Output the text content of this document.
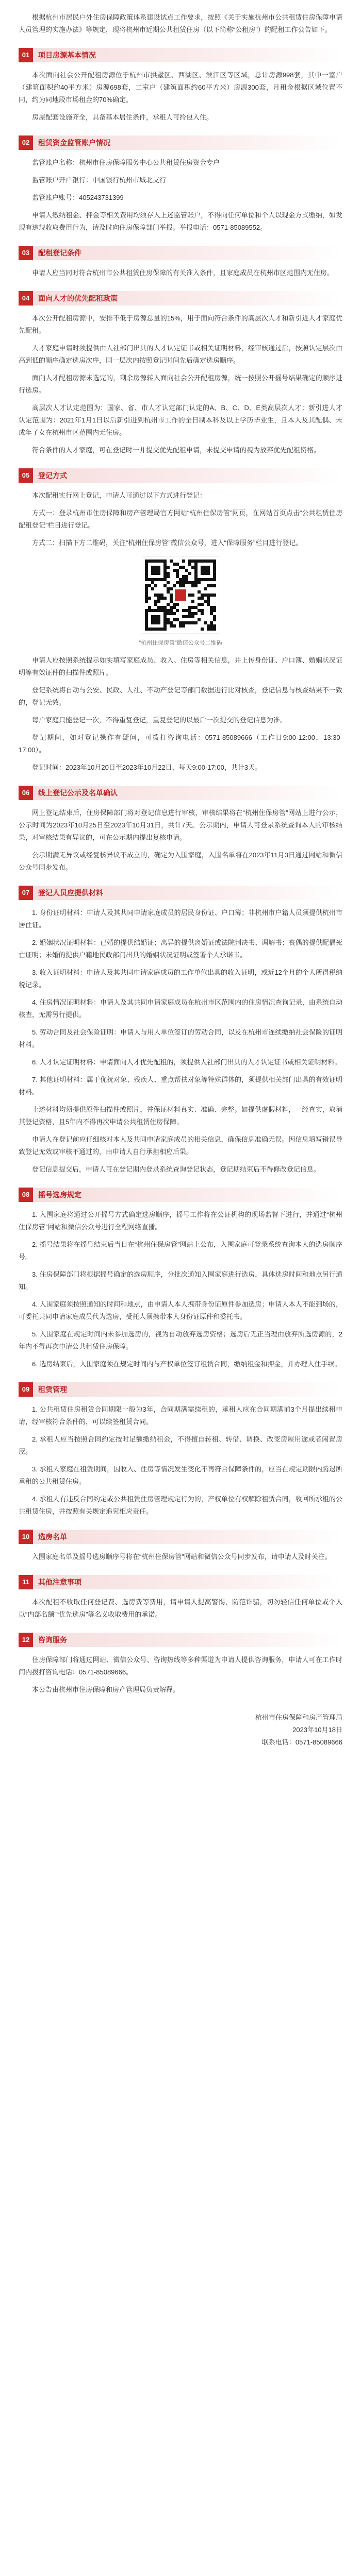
根据杭州市居民户外住房保障政策体系建设试点工作要求，按照《关于实施杭州市公共租赁住房保障申请人员管理的实施办法》等规定，现将杭州市近期公共租赁住房（以下简称“公租房”）的配租工作公告如下。

01	项目房源基本情况

本次面向社会公开配租房源位于杭州市拱墅区、西湖区、滨江区等区域，总计房源998套，其中一室户（建筑面积约40平方米）房源698套，二室户（建筑面积约60平方米）房源300套，月租金根据区域位置不同，约为同地段市场租金的70%确定。

房屋配套设施齐全，具备基本居住条件，承租人可拎包入住。

02	租赁资金监管账户情况

监管账户名称：杭州市住房保障服务中心公共租赁住房资金专户

监管账户开户银行：中国银行杭州市城北支行

监管账户账号：405243731399

申请人缴纳租金、押金等相关费用均须存入上述监管账户，不得向任何单位和个人以现金方式缴纳，如发现有违规收取费用行为，请及时向住房保障部门举报。举报电话：0571-85089552。

03	配租登记条件

申请人应当同时符合杭州市公共租赁住房保障的有关准入条件，且家庭成员在杭州市区范围内无住房。

04	面向人才的优先配租政策

本次公开配租房源中，安排不低于房源总量的15%，用于面向符合条件的高层次人才和新引进人才家庭优先配租。

人才家庭申请时须提供由人社部门出具的人才认定证书或相关证明材料，经审核通过后，按照认定层次由高到低的顺序确定选房次序，同一层次内按照登记时间先后确定选房顺序。

面向人才配租房源未选完的，剩余房源转入面向社会公开配租房源，统一按照公开摇号结果确定的顺序进行选房。

高层次人才认定范围为：国家、省、市人才认定部门认定的A、B、C、D、E类高层次人才；新引进人才认定范围为：2021年1月1日以后新引进到杭州市工作的全日制本科及以上学历毕业生，且本人及其配偶、未成年子女在杭州市区范围内无住房。

符合条件的人才家庭，可在登记时一并提交优先配租申请，未提交申请的视为放弃优先配租资格。

05	登记方式

本次配租实行网上登记，申请人可通过以下方式进行登记：

方式一：登录杭州市住房保障和房产管理局官方网站“杭州住保房管”网页，在网站首页点击“公共租赁住房配租登记”栏目进行登记。

方式二：扫描下方二维码，关注“杭州住保房管”微信公众号，进入“保障服务”栏目进行登记。

“杭州住保房管”微信公众号二维码

申请人应按照系统提示如实填写家庭成员、收入、住房等相关信息，并上传身份证、户口簿、婚姻状况证明等有效证件的扫描件或照片。

登记系统将自动与公安、民政、人社、不动产登记等部门数据进行比对核查，登记信息与核查结果不一致的，登记无效。

每户家庭只能登记一次，不得重复登记，重复登记的以最后一次提交的登记信息为准。

登记期间，如对登记操作有疑问，可拨打咨询电话：0571-85089666（工作日9:00-12:00，13:30-17:00）。

登记时间：2023年10月20日至2023年10月22日，每天9:00-17:00，共计3天。

06	线上登记公示及名单确认

网上登记结束后，住房保障部门将对登记信息进行审核，审核结果将在“杭州住保房管”网站上进行公示，公示时间为2023年10月25日至2023年10月31日，共计7天。公示期内，申请人可登录系统查询本人的审核结果，对审核结果有异议的，可在公示期内提出复核申请。

公示期满无异议或经复核异议不成立的，确定为入围家庭，入围名单将在2023年11月3日通过网站和微信公众号同步发布。

07	登记人员应提供材料

1. 身份证明材料：申请人及其共同申请家庭成员的居民身份证、户口簿；非杭州市户籍人员须提供杭州市居住证。

2. 婚姻状况证明材料：已婚的提供结婚证；离异的提供离婚证或法院判决书、调解书；丧偶的提供配偶死亡证明；未婚的提供户籍地民政部门出具的婚姻状况证明或签署个人承诺书。

3. 收入证明材料：申请人及其共同申请家庭成员的工作单位出具的收入证明，或近12个月的个人所得税纳税记录。

4. 住房情况证明材料：申请人及其共同申请家庭成员在杭州市区范围内的住房情况查询记录，由系统自动核查，无需另行提供。

5. 劳动合同及社会保险证明：申请人与用人单位签订的劳动合同，以及在杭州市连续缴纳社会保险的证明材料。

6. 人才认定证明材料：申请面向人才优先配租的，须提供人社部门出具的人才认定证书或相关证明材料。

7. 其他证明材料：属于优抚对象、残疾人、重点帮扶对象等特殊群体的，须提供相关部门出具的有效证明材料。

上述材料均须提供原件扫描件或照片，并保证材料真实、准确、完整。如提供虚假材料，一经查实，取消其登记资格，且5年内不得再次申请公共租赁住房保障。

申请人在登记前应仔细核对本人及共同申请家庭成员的相关信息，确保信息准确无误。因信息填写错误导致登记无效或审核不通过的，由申请人自行承担相应后果。

登记信息提交后，申请人可在登记期内登录系统查询登记状态，登记期结束后不得修改登记信息。

08	摇号选房规定

1. 入围家庭将通过公开摇号方式确定选房顺序，摇号工作将在公证机构的现场监督下进行，并通过“杭州住保房管”网站和微信公众号进行全程网络直播。

2. 摇号结果将在摇号结束后当日在“杭州住保房管”网站上公布，入围家庭可登录系统查询本人的选房顺序号。

3. 住房保障部门将根据摇号确定的选房顺序，分批次通知入围家庭进行选房，具体选房时间和地点另行通知。

4. 入围家庭须按照通知的时间和地点，由申请人本人携带身份证原件参加选房；申请人本人不能到场的，可委托共同申请家庭成员代为选房，受托人须携带本人身份证原件和委托书。

5. 入围家庭在规定时间内未参加选房的，视为自动放弃选房资格；选房后无正当理由放弃所选房源的，2年内不得再次申请公共租赁住房保障。

6. 选房结束后，入围家庭须在规定时间内与产权单位签订租赁合同，缴纳租金和押金，并办理入住手续。

09	租赁管理

1. 公共租赁住房租赁合同期限一般为3年，合同期满需续租的，承租人应在合同期满前3个月提出续租申请，经审核符合条件的，可以续签租赁合同。

2. 承租人应当按照合同约定按时足额缴纳租金，不得擅自转租、转借、调换、改变房屋用途或者闲置房屋。

3. 承租人家庭在租赁期间，因收入、住房等情况发生变化不再符合保障条件的，应当在规定期限内腾退所承租的公共租赁住房。

4. 承租人有违反合同约定或公共租赁住房管理规定行为的，产权单位有权解除租赁合同，收回所承租的公共租赁住房，并按照有关规定追究相应责任。

10	选房名单

入围家庭名单及摇号选房顺序号将在“杭州住保房管”网站和微信公众号同步发布，请申请人及时关注。

11	其他注意事项

本次配租不收取任何登记费、选房费等费用，请申请人提高警惕，防范诈骗，切勿轻信任何单位或个人以“内部名额”“优先选房”等名义收取费用的承诺。

12	咨询服务

住房保障部门将通过网站、微信公众号、咨询热线等多种渠道为申请人提供咨询服务，申请人可在工作时间内拨打咨询电话：0571-85089666。

本公告由杭州市住房保障和房产管理局负责解释。

杭州市住房保障和房产管理局
2023年10月18日
联系电话：0571-85089666
